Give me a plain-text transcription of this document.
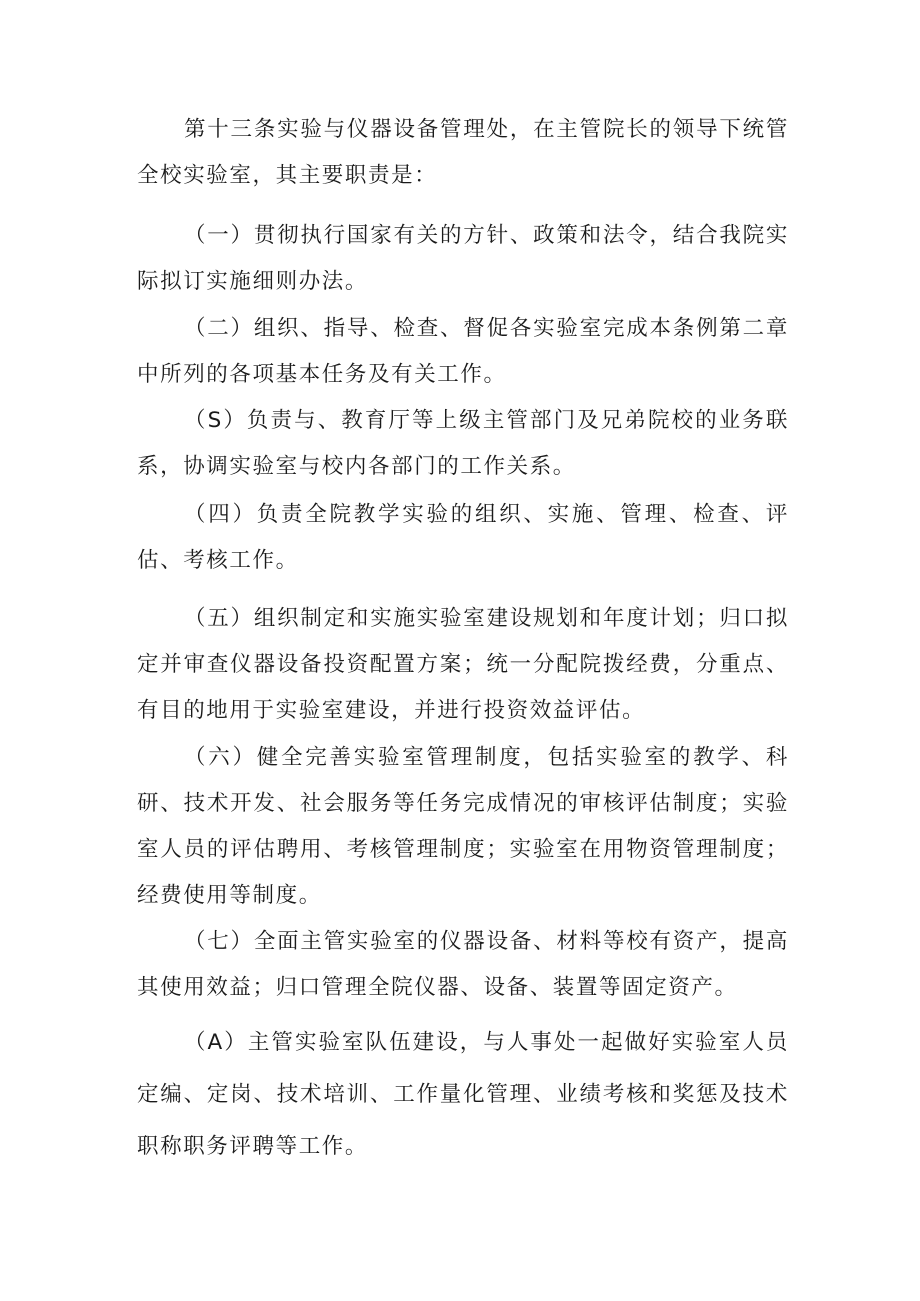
第十三条实验与仪器设备管理处，在主管院长的领导下统管全校实验室，其主要职责是：

（一）贯彻执行国家有关的方针、政策和法令，结合我院实际拟订实施细则办法。

（二）组织、指导、检查、督促各实验室完成本条例第二章中所列的各项基本任务及有关工作。

（S）负责与、教育厅等上级主管部门及兄弟院校的业务联系，协调实验室与校内各部门的工作关系。

（四）负责全院教学实验的组织、实施、管理、检查、评估、考核工作。

（五）组织制定和实施实验室建设规划和年度计划；归口拟定并审查仪器设备投资配置方案；统一分配院拨经费，分重点、有目的地用于实验室建设，并进行投资效益评估。

（六）健全完善实验室管理制度，包括实验室的教学、科研、技术开发、社会服务等任务完成情况的审核评估制度；实验室人员的评估聘用、考核管理制度；实验室在用物资管理制度；经费使用等制度。

（七）全面主管实验室的仪器设备、材料等校有资产，提高其使用效益；归口管理全院仪器、设备、装置等固定资产。

（A）主管实验室队伍建设，与人事处一起做好实验室人员定编、定岗、技术培训、工作量化管理、业绩考核和奖惩及技术职称职务评聘等工作。
